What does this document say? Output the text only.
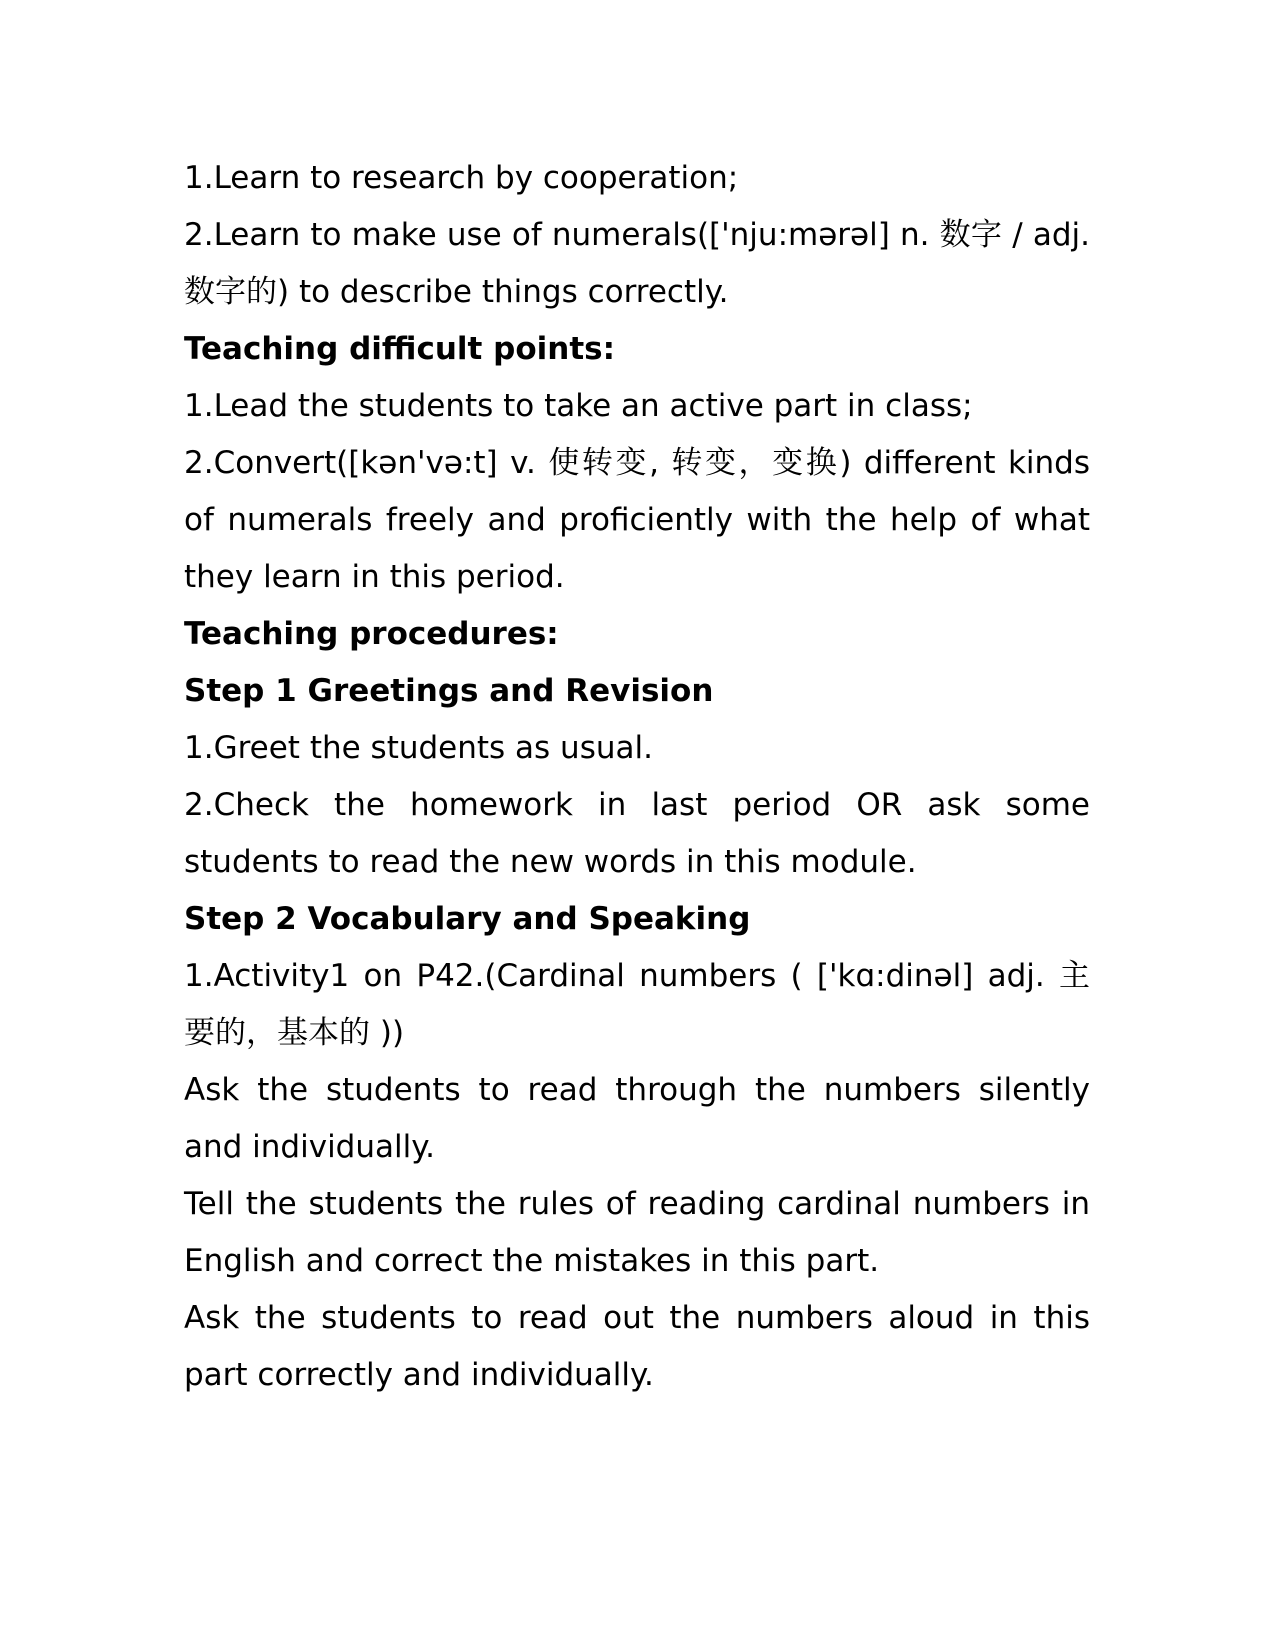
1.Learn to research by cooperation;

2.Learn to make use of numerals(['nju:mərəl] n. 数字 / adj. 数字的) to describe things correctly.

Teaching difficult points:

1.Lead the students to take an active part in class;

2.Convert([kən'və:t] v. 使转变, 转变，变换) different kinds of numerals freely and proficiently with the help of what they learn in this period.

Teaching procedures:

Step 1 Greetings and Revision

1.Greet the students as usual.

2.Check the homework in last period OR ask some students to read the new words in this module.

Step 2 Vocabulary and Speaking

1.Activity1 on P42.(Cardinal numbers ( ['kɑ:dinəl] adj. 主要的，基本的 ))

Ask the students to read through the numbers silently and individually.

Tell the students the rules of reading cardinal numbers in English and correct the mistakes in this part.

Ask the students to read out the numbers aloud in this part correctly and individually.
